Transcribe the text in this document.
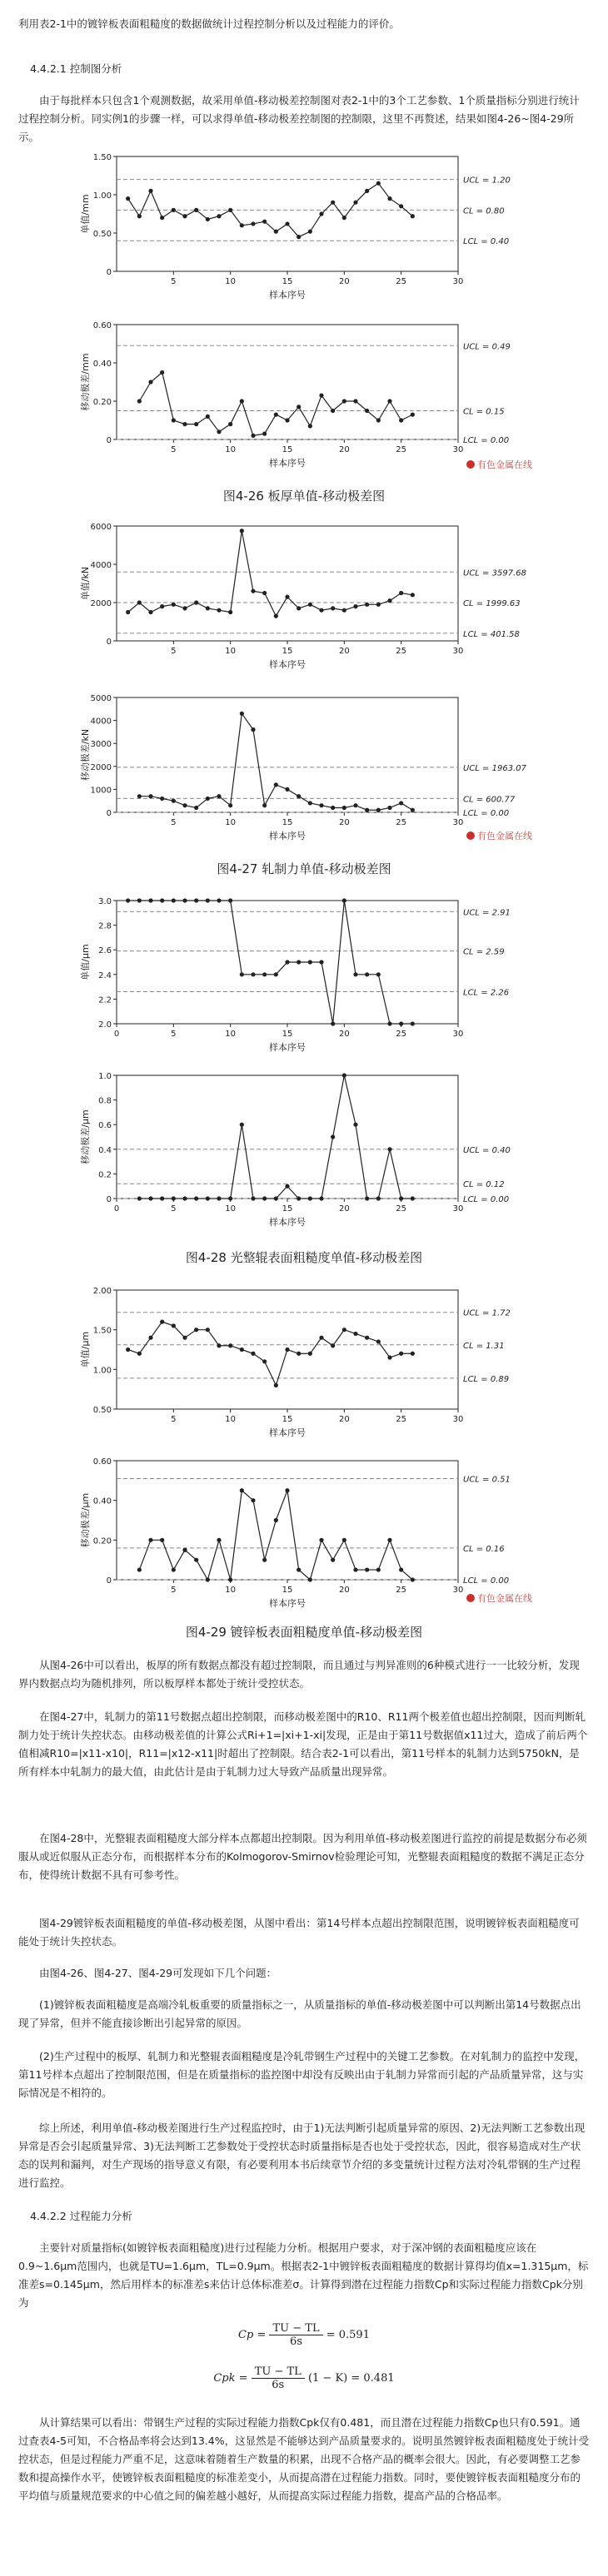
利用表2-1中的镀锌板表面粗糙度的数据做统计过程控制分析以及过程能力的评价。

4.4.2.1 控制图分析

由于每批样本只包含1个观测数据，故采用单值-移动极差控制图对表2-1中的3个工艺参数、1个质量指标分别进行统计过程控制分析。同实例1的步骤一样，可以求得单值-移动极差控制图的控制限，这里不再赘述，结果如图4-26~图4-29所示。

0
0.50
1.00
1.50
5	10	15	20	25	30
样本序号
单值/mm
UCL = 1.20
CL = 0.80
LCL = 0.40
0
0.20
0.40
0.60
5	10	15	20	25	30
样本序号
移动极差/mm
UCL = 0.49
CL = 0.15
LCL = 0.00
有色金属在线
图4-26 板厚单值-移动极差图
0
2000
4000
6000
5	10	15	20	25	30
样本序号
单值/kN	UCL = 3597.68
CL = 1999.63
LCL = 401.58
0
1000
2000
3000
4000
5000
5	10	15	20	25	30
样本序号
移动极差/kN	UCL = 1963.07
CL = 600.77
LCL = 0.00
有色金属在线
图4-27 轧制力单值-移动极差图
2.0
2.2
2.4
2.6
2.8
3.0
0	5	10	15	20	25	30
样本序号
单值/μm
UCL = 2.91
CL = 2.59
LCL = 2.26
0
0.2
0.4
0.6
0.8
1.0
0	5	10	15	20	25	30
样本序号
移动极差/μm	UCL = 0.40
CL = 0.12
LCL = 0.00
图4-28 光整辊表面粗糙度单值-移动极差图
0.50
1.00
1.50
2.00
5	10	15	20	25	30
样本序号
单值/μm
UCL = 1.72
CL = 1.31
LCL = 0.89
0
0.20
0.40
0.60
5	10	15	20	25	30
样本序号
移动极差/μm
UCL = 0.51
CL = 0.16
LCL = 0.00
有色金属在线
图4-29 镀锌板表面粗糙度单值-移动极差图

从图4-26中可以看出，板厚的所有数据点都没有超过控制限，而且通过与判异准则的6种模式进行一一比较分析，发现界内数据点均为随机排列，所以板厚样本都处于统计受控状态。

在图4-27中，轧制力的第11号数据点超出控制限，而移动极差图中的R10、R11两个极差值也超出控制限，因而判断轧制力处于统计失控状态。由移动极差值的计算公式Ri+1=|xi+1-xi|发现，正是由于第11号数据值x11过大，造成了前后两个值相减R10=|x11-x10|，R11=|x12-x11|时超出了控制限。结合表2-1可以看出，第11号样本的轧制力达到5750kN，是所有样本中轧制力的最大值，由此估计是由于轧制力过大导致产品质量出现异常。

在图4-28中，光整辊表面粗糙度大部分样本点都超出控制限。因为利用单值-移动极差图进行监控的前提是数据分布必须服从或近似服从正态分布，而根据样本分布的Kolmogorov-Smirnov检验理论可知，光整辊表面粗糙度的数据不满足正态分布，使得统计数据不具有可参考性。

图4-29镀锌板表面粗糙度的单值-移动极差图，从图中看出：第14号样本点超出控制限范围，说明镀锌板表面粗糙度可能处于统计失控状态。

由图4-26、图4-27、图4-29可发现如下几个问题：

(1)镀锌板表面粗糙度是高端冷轧板重要的质量指标之一，从质量指标的单值-移动极差图中可以判断出第14号数据点出现了异常，但并不能直接诊断出引起异常的原因。

(2)生产过程中的板厚、轧制力和光整辊表面粗糙度是冷轧带钢生产过程中的关键工艺参数。在对轧制力的监控中发现，第11号样本点超出了控制限范围，但是在质量指标的监控图中却没有反映出由于轧制力异常而引起的产品质量异常，这与实际情况是不相符的。

综上所述，利用单值-移动极差图进行生产过程监控时，由于1)无法判断引起质量异常的原因、2)无法判断工艺参数出现异常是否会引起质量异常、3)无法判断工艺参数处于受控状态时质量指标是否也处于受控状态，因此，很容易造成对生产状态的误判和漏判，对生产现场的指导意义有限，有必要利用本书后续章节介绍的多变量统计过程方法对冷轧带钢的生产过程进行监控。

4.4.2.2 过程能力分析

主要针对质量指标(如镀锌板表面粗糙度)进行过程能力分析。根据用户要求，对于深冲钢的表面粗糙度应该在0.9~1.6μm范围内，也就是TU=1.6μm，TL=0.9μm。根据表2-1中镀锌板表面粗糙度的数据计算得均值x=1.315μm，标准差s=0.145μm，然后用样本的标准差s来估计总体标准差σ。计算得到潜在过程能力指数Cp和实际过程能力指数Cpk分别为

$Cp = \frac{TU - TL}{6s} = 0.591$
Cpk = $\frac{TU - TL}{6s} (1 - K) = 0.481$

从计算结果可以看出：带钢生产过程的实际过程能力指数Cpk仅有0.481，而且潜在过程能力指数Cp也只有0.591。通过查表4-5可知，不合格品率将会达到13.4%，这显然是不能够达到产品质量要求的。说明虽然镀锌板表面粗糙度处于统计受控状态，但是过程能力严重不足，这意味着随着生产数量的积累，出现不合格产品的概率会很大。因此，有必要调整工艺参数和提高操作水平，使镀锌板表面粗糙度的标准差变小，从而提高潜在过程能力指数。同时，要使镀锌板表面粗糙度分布的平均值与质量规范要求的中心值之间的偏差越小越好，从而提高实际过程能力指数，提高产品的合格品率。
